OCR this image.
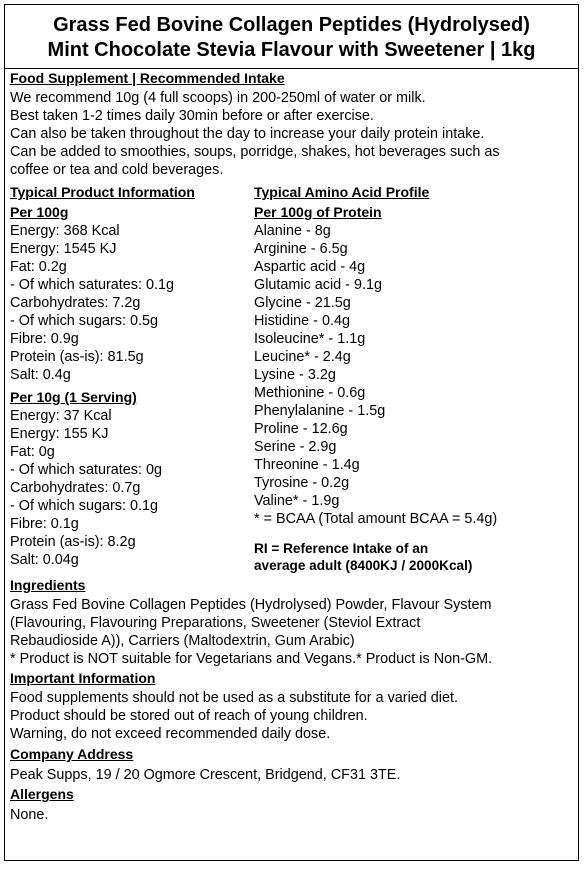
Grass Fed Bovine Collagen Peptides (Hydrolysed)
Mint Chocolate Stevia Flavour with Sweetener | 1kg
Food Supplement | Recommended Intake
We recommend 10g (4 full scoops) in 200-250ml of water or milk.
Best taken 1-2 times daily 30min before or after exercise.
Can also be taken throughout the day to increase your daily protein intake.
Can be added to smoothies, soups, porridge, shakes, hot beverages such as
coffee or tea and cold beverages.
Typical Product Information
Per 100g
Energy: 368 Kcal
Energy: 1545 KJ
Fat: 0.2g
- Of which saturates: 0.1g
Carbohydrates: 7.2g
- Of which sugars: 0.5g
Fibre: 0.9g
Protein (as-is): 81.5g
Salt: 0.4g
Per 10g (1 Serving)
Energy: 37 Kcal
Energy: 155 KJ
Fat: 0g
- Of which saturates: 0g
Carbohydrates: 0.7g
- Of which sugars: 0.1g
Fibre: 0.1g
Protein (as-is): 8.2g
Salt: 0.04g
Typical Amino Acid Profile
Per 100g of Protein
Alanine - 8g
Arginine - 6.5g
Aspartic acid - 4g
Glutamic acid - 9.1g
Glycine - 21.5g
Histidine - 0.4g
Isoleucine* - 1.1g
Leucine* - 2.4g
Lysine - 3.2g
Methionine - 0.6g
Phenylalanine - 1.5g
Proline - 12.6g
Serine - 2.9g
Threonine - 1.4g
Tyrosine - 0.2g
Valine* - 1.9g
* = BCAA (Total amount BCAA = 5.4g)
RI = Reference Intake of an
average adult (8400KJ / 2000Kcal)
Ingredients
Grass Fed Bovine Collagen Peptides (Hydrolysed) Powder, Flavour System
(Flavouring, Flavouring Preparations, Sweetener (Steviol Extract
Rebaudioside A)), Carriers (Maltodextrin, Gum Arabic)
* Product is NOT suitable for Vegetarians and Vegans.* Product is Non-GM.
Important Information
Food supplements should not be used as a substitute for a varied diet.
Product should be stored out of reach of young children.
Warning, do not exceed recommended daily dose.
Company Address
Peak Supps, 19 / 20 Ogmore Crescent, Bridgend, CF31 3TE.
Allergens
None.
